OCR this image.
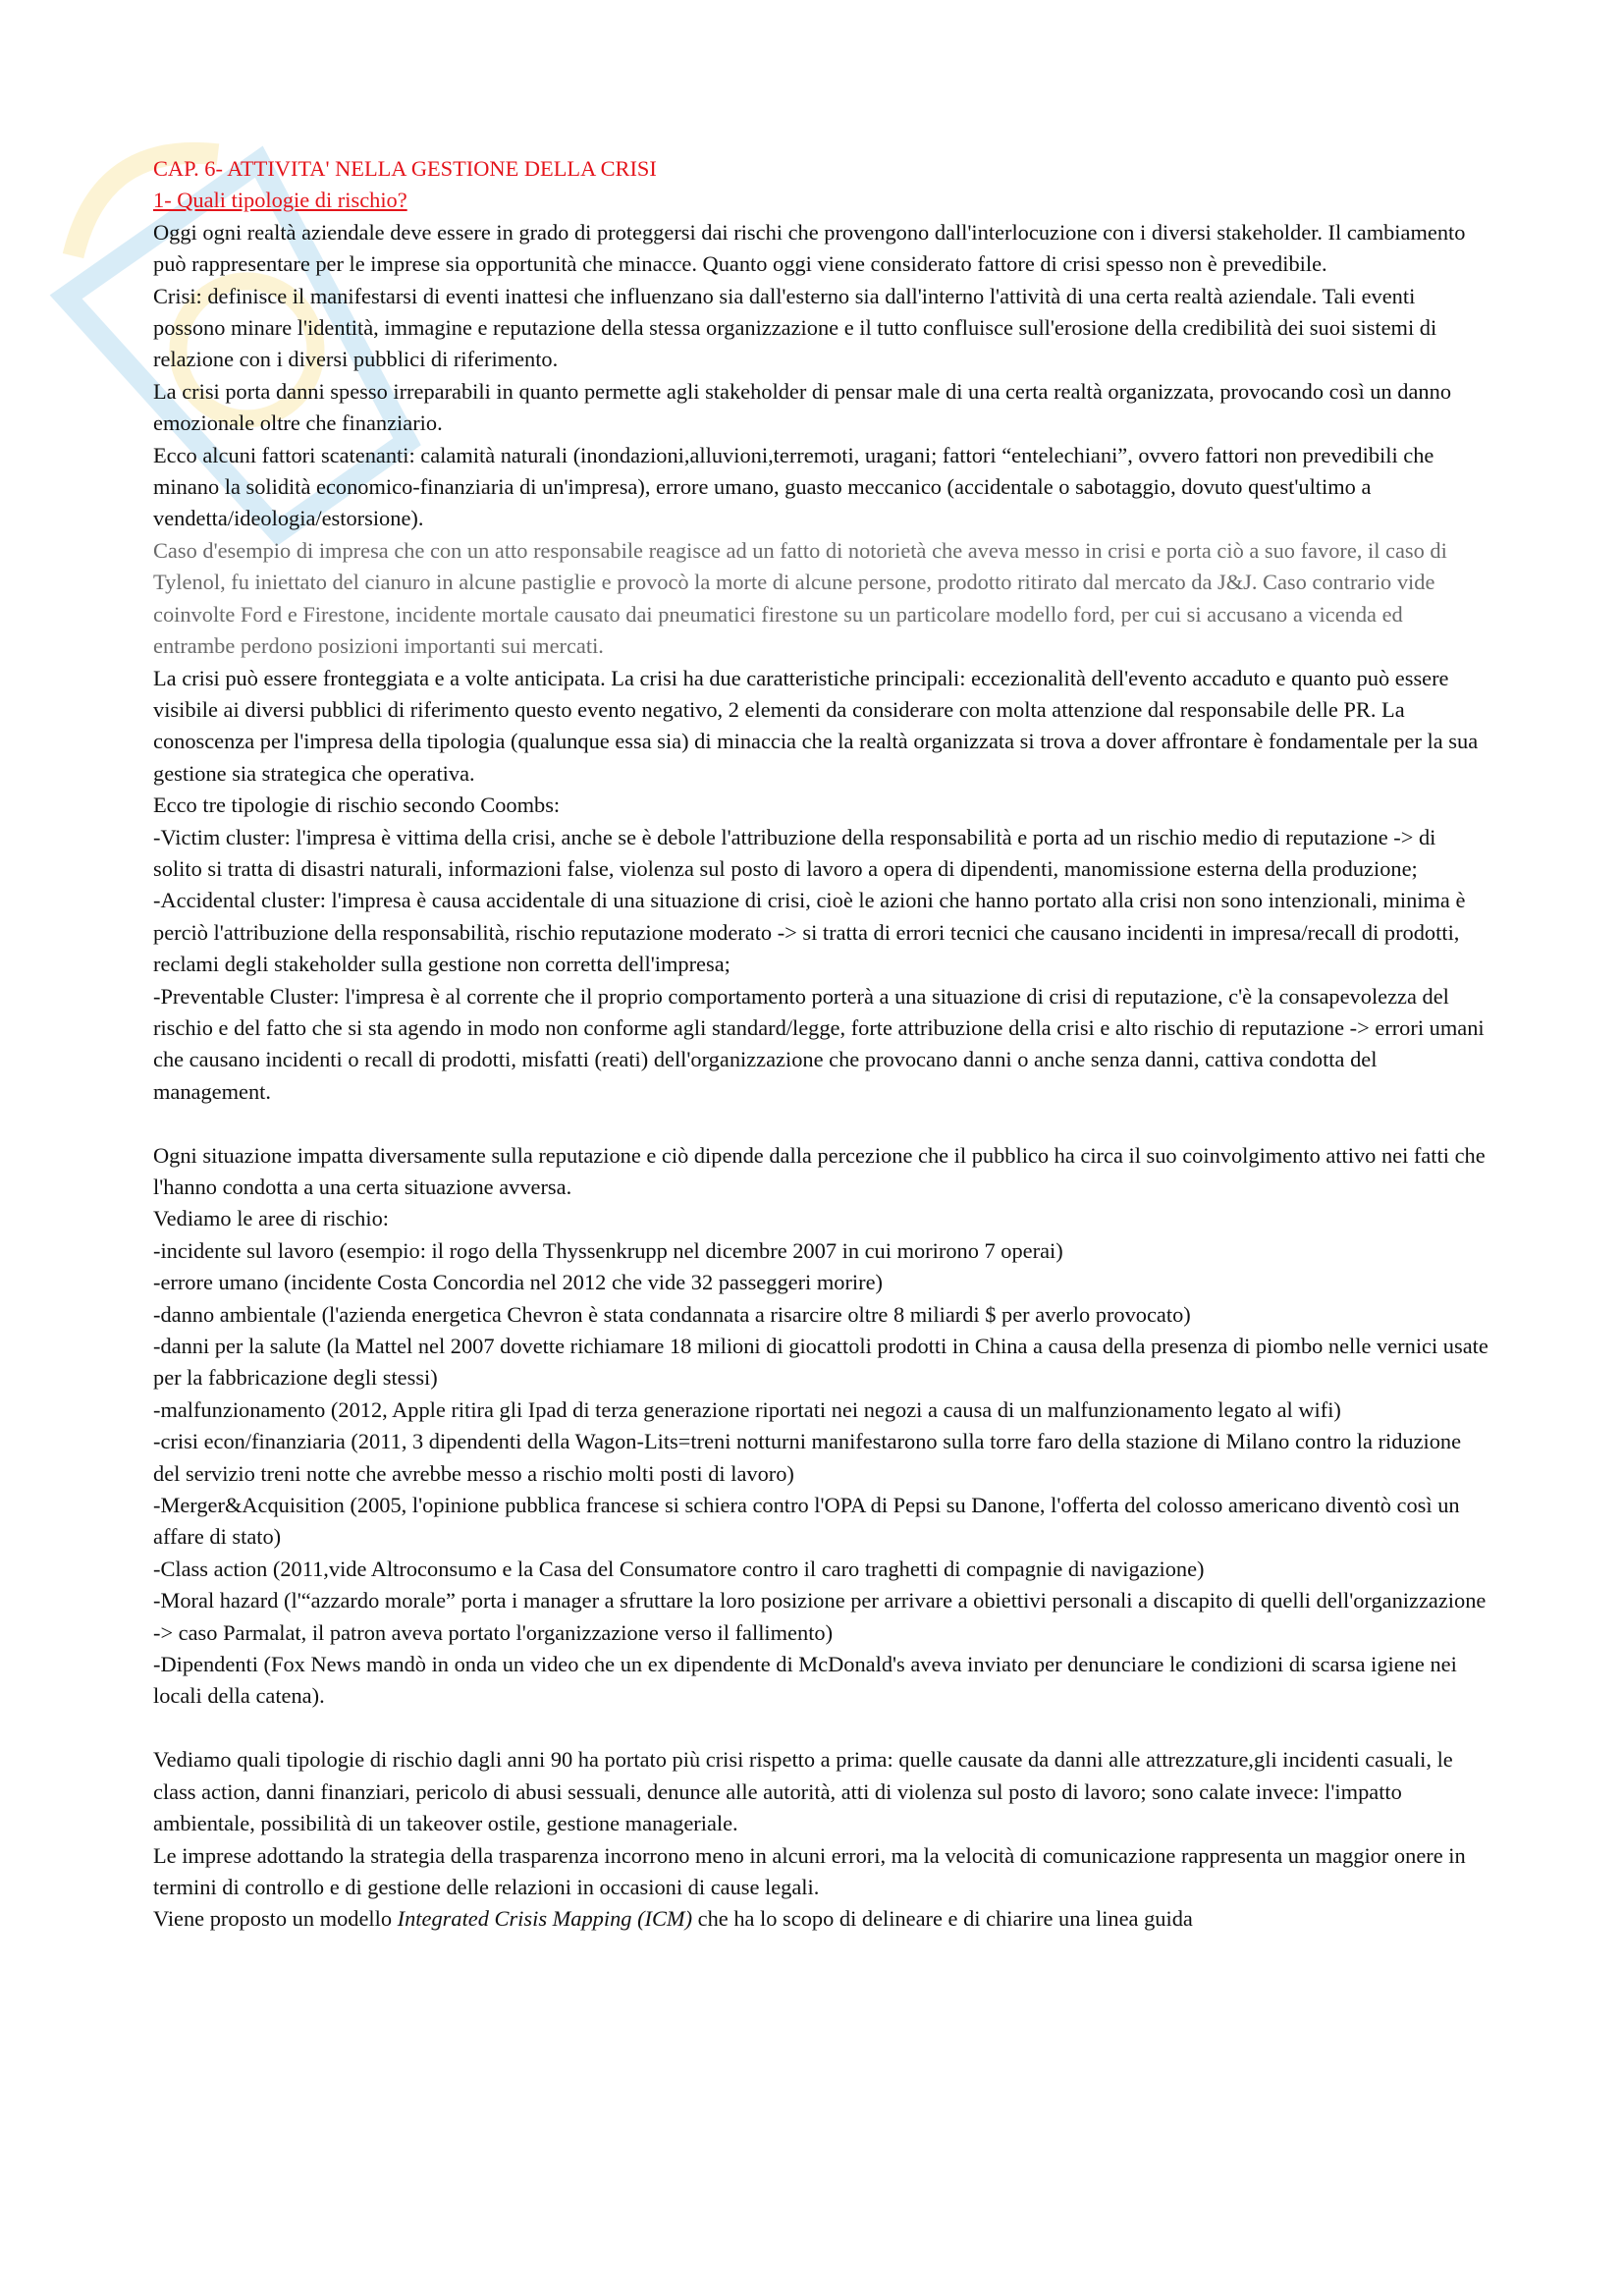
CAP. 6- ATTIVITA' NELLA GESTIONE DELLA CRISI

1- Quali tipologie di rischio?

Oggi ogni realtà aziendale deve essere in grado di proteggersi dai rischi che provengono dall'interlocuzione con i diversi stakeholder. Il cambiamento può rappresentare per le imprese sia opportunità che minacce. Quanto oggi viene considerato fattore di crisi spesso non è prevedibile.

Crisi: definisce il manifestarsi di eventi inattesi che influenzano sia dall'esterno sia dall'interno l'attività di una certa realtà aziendale. Tali eventi possono minare l'identità, immagine e reputazione della stessa organizzazione e il tutto confluisce sull'erosione della credibilità dei suoi sistemi di relazione con i diversi pubblici di riferimento.

La crisi porta danni spesso irreparabili in quanto permette agli stakeholder di pensar male di una certa realtà organizzata, provocando così un danno emozionale oltre che finanziario.

Ecco alcuni fattori scatenanti: calamità naturali (inondazioni,alluvioni,terremoti, uragani; fattori “entelechiani”, ovvero fattori non prevedibili che minano la solidità economico-finanziaria di un'impresa), errore umano, guasto meccanico (accidentale o sabotaggio, dovuto quest'ultimo a vendetta/ideologia/estorsione).

Caso d'esempio di impresa che con un atto responsabile reagisce ad un fatto di notorietà che aveva messo in crisi e porta ciò a suo favore, il caso di Tylenol, fu iniettato del cianuro in alcune pastiglie e provocò la morte di alcune persone, prodotto ritirato dal mercato da J&J. Caso contrario vide coinvolte Ford e Firestone, incidente mortale causato dai pneumatici firestone su un particolare modello ford, per cui si accusano a vicenda ed entrambe perdono posizioni importanti sui mercati.

La crisi può essere fronteggiata e a volte anticipata. La crisi ha due caratteristiche principali: eccezionalità dell'evento accaduto e quanto può essere visibile ai diversi pubblici di riferimento questo evento negativo, 2 elementi da considerare con molta attenzione dal responsabile delle PR. La conoscenza per l'impresa della tipologia (qualunque essa sia) di minaccia che la realtà organizzata si trova a dover affrontare è fondamentale per la sua gestione sia strategica che operativa.

Ecco tre tipologie di rischio secondo Coombs:

-Victim cluster: l'impresa è vittima della crisi, anche se è debole l'attribuzione della responsabilità e porta ad un rischio medio di reputazione -> di solito si tratta di disastri naturali, informazioni false, violenza sul posto di lavoro a opera di dipendenti, manomissione esterna della produzione;

-Accidental cluster: l'impresa è causa accidentale di una situazione di crisi, cioè le azioni che hanno portato alla crisi non sono intenzionali, minima è perciò l'attribuzione della responsabilità, rischio reputazione moderato -> si tratta di errori tecnici che causano incidenti in impresa/recall di prodotti, reclami degli stakeholder sulla gestione non corretta dell'impresa;

-Preventable Cluster: l'impresa è al corrente che il proprio comportamento porterà a una situazione di crisi di reputazione, c'è la consapevolezza del rischio e del fatto che si sta agendo in modo non conforme agli standard/legge, forte attribuzione della crisi e alto rischio di reputazione -> errori umani che causano incidenti o recall di prodotti, misfatti (reati) dell'organizzazione che provocano danni o anche senza danni, cattiva condotta del management.

Ogni situazione impatta diversamente sulla reputazione e ciò dipende dalla percezione che il pubblico ha circa il suo coinvolgimento attivo nei fatti che l'hanno condotta a una certa situazione avversa.

Vediamo le aree di rischio:

-incidente sul lavoro (esempio: il rogo della Thyssenkrupp nel dicembre 2007 in cui morirono 7 operai)

-errore umano (incidente Costa Concordia nel 2012 che vide 32 passeggeri morire)

-danno ambientale (l'azienda energetica Chevron è stata condannata a risarcire oltre 8 miliardi $ per averlo provocato)

-danni per la salute (la Mattel nel 2007 dovette richiamare 18 milioni di giocattoli prodotti in China a causa della presenza di piombo nelle vernici usate per la fabbricazione degli stessi)

-malfunzionamento (2012, Apple ritira gli Ipad di terza generazione riportati nei negozi a causa di un malfunzionamento legato al wifi)

-crisi econ/finanziaria (2011, 3 dipendenti della Wagon-Lits=treni notturni manifestarono sulla torre faro della stazione di Milano contro la riduzione del servizio treni notte che avrebbe messo a rischio molti posti di lavoro)

-Merger&Acquisition (2005, l'opinione pubblica francese si schiera contro l'OPA di Pepsi su Danone, l'offerta del colosso americano diventò così un affare di stato)

-Class action (2011,vide Altroconsumo e la Casa del Consumatore contro il caro traghetti di compagnie di navigazione)

-Moral hazard (l'“azzardo morale” porta i manager a sfruttare la loro posizione per arrivare a obiettivi personali a discapito di quelli dell'organizzazione -> caso Parmalat, il patron aveva portato l'organizzazione verso il fallimento)

-Dipendenti (Fox News mandò in onda un video che un ex dipendente di McDonald's aveva inviato per denunciare le condizioni di scarsa igiene nei locali della catena).

Vediamo quali tipologie di rischio dagli anni 90 ha portato più crisi rispetto a prima: quelle causate da danni alle attrezzature,gli incidenti casuali, le class action, danni finanziari, pericolo di abusi sessuali, denunce alle autorità, atti di violenza sul posto di lavoro; sono calate invece: l'impatto ambientale, possibilità di un takeover ostile, gestione manageriale.

Le imprese adottando la strategia della trasparenza incorrono meno in alcuni errori, ma la velocità di comunicazione rappresenta un maggior onere in termini di controllo e di gestione delle relazioni in occasioni di cause legali.

Viene proposto un modello Integrated Crisis Mapping (ICM) che ha lo scopo di delineare e di chiarire una linea guida
